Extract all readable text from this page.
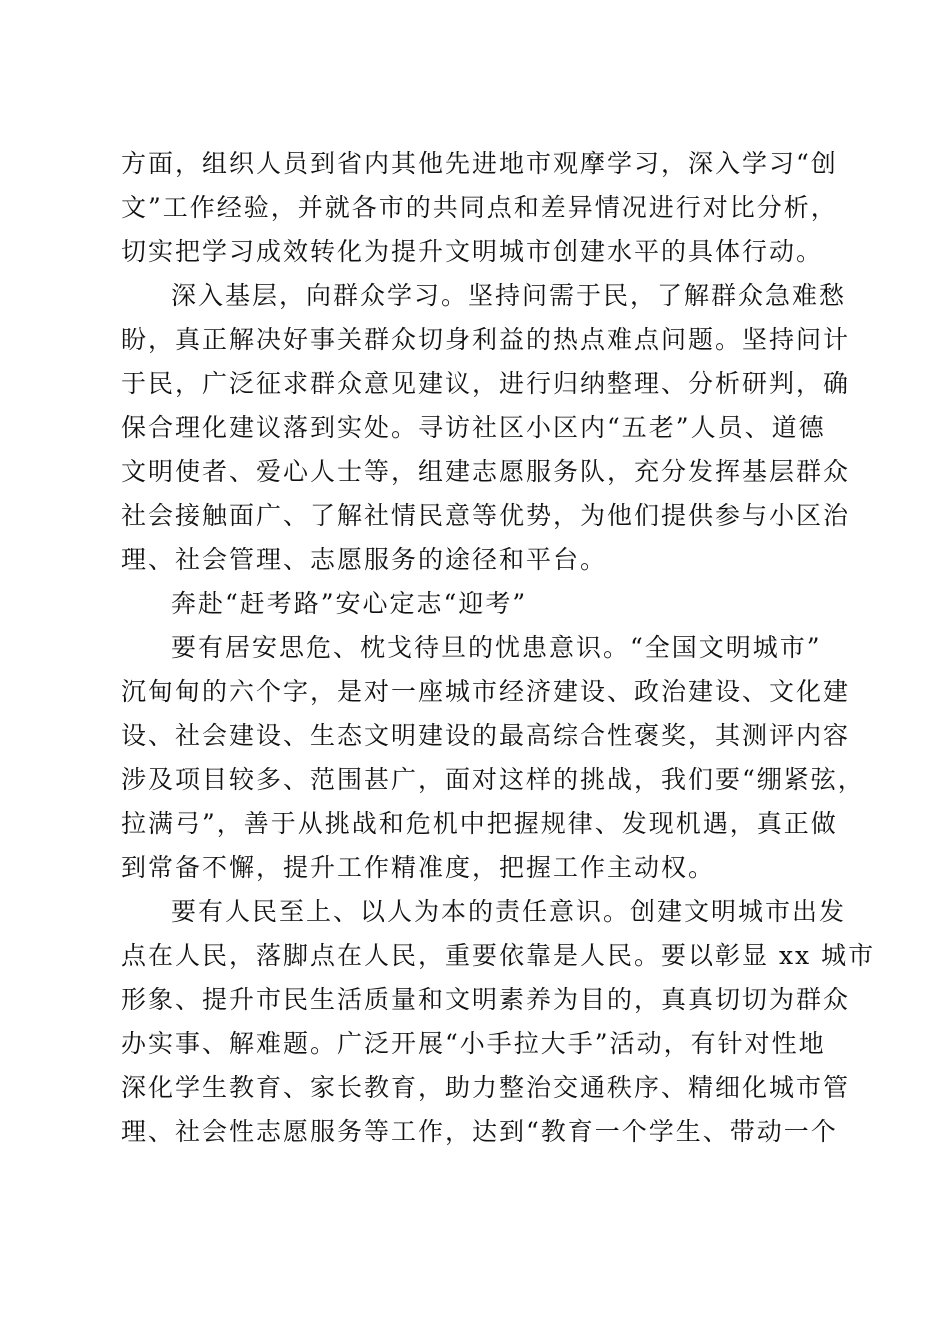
方面，组织人员到省内其他先进地市观摩学习，深入学习“创
文”工作经验，并就各市的共同点和差异情况进行对比分析，
切实把学习成效转化为提升文明城市创建水平的具体行动。

深入基层，向群众学习。坚持问需于民，了解群众急难愁
盼，真正解决好事关群众切身利益的热点难点问题。坚持问计
于民，广泛征求群众意见建议，进行归纳整理、分析研判，确
保合理化建议落到实处。寻访社区小区内“五老”人员、道德
文明使者、爱心人士等，组建志愿服务队，充分发挥基层群众
社会接触面广、了解社情民意等优势，为他们提供参与小区治
理、社会管理、志愿服务的途径和平台。

奔赴“赶考路”安心定志“迎考”

要有居安思危、枕戈待旦的忧患意识。“全国文明城市”
沉甸甸的六个字，是对一座城市经济建设、政治建设、文化建
设、社会建设、生态文明建设的最高综合性褒奖，其测评内容
涉及项目较多、范围甚广，面对这样的挑战，我们要“绷紧弦，
拉满弓”，善于从挑战和危机中把握规律、发现机遇，真正做
到常备不懈，提升工作精准度，把握工作主动权。

要有人民至上、以人为本的责任意识。创建文明城市出发
点在人民，落脚点在人民，重要依靠是人民。要以彰显 xx 城市
形象、提升市民生活质量和文明素养为目的，真真切切为群众
办实事、解难题。广泛开展“小手拉大手”活动，有针对性地
深化学生教育、家长教育，助力整治交通秩序、精细化城市管
理、社会性志愿服务等工作，达到“教育一个学生、带动一个
